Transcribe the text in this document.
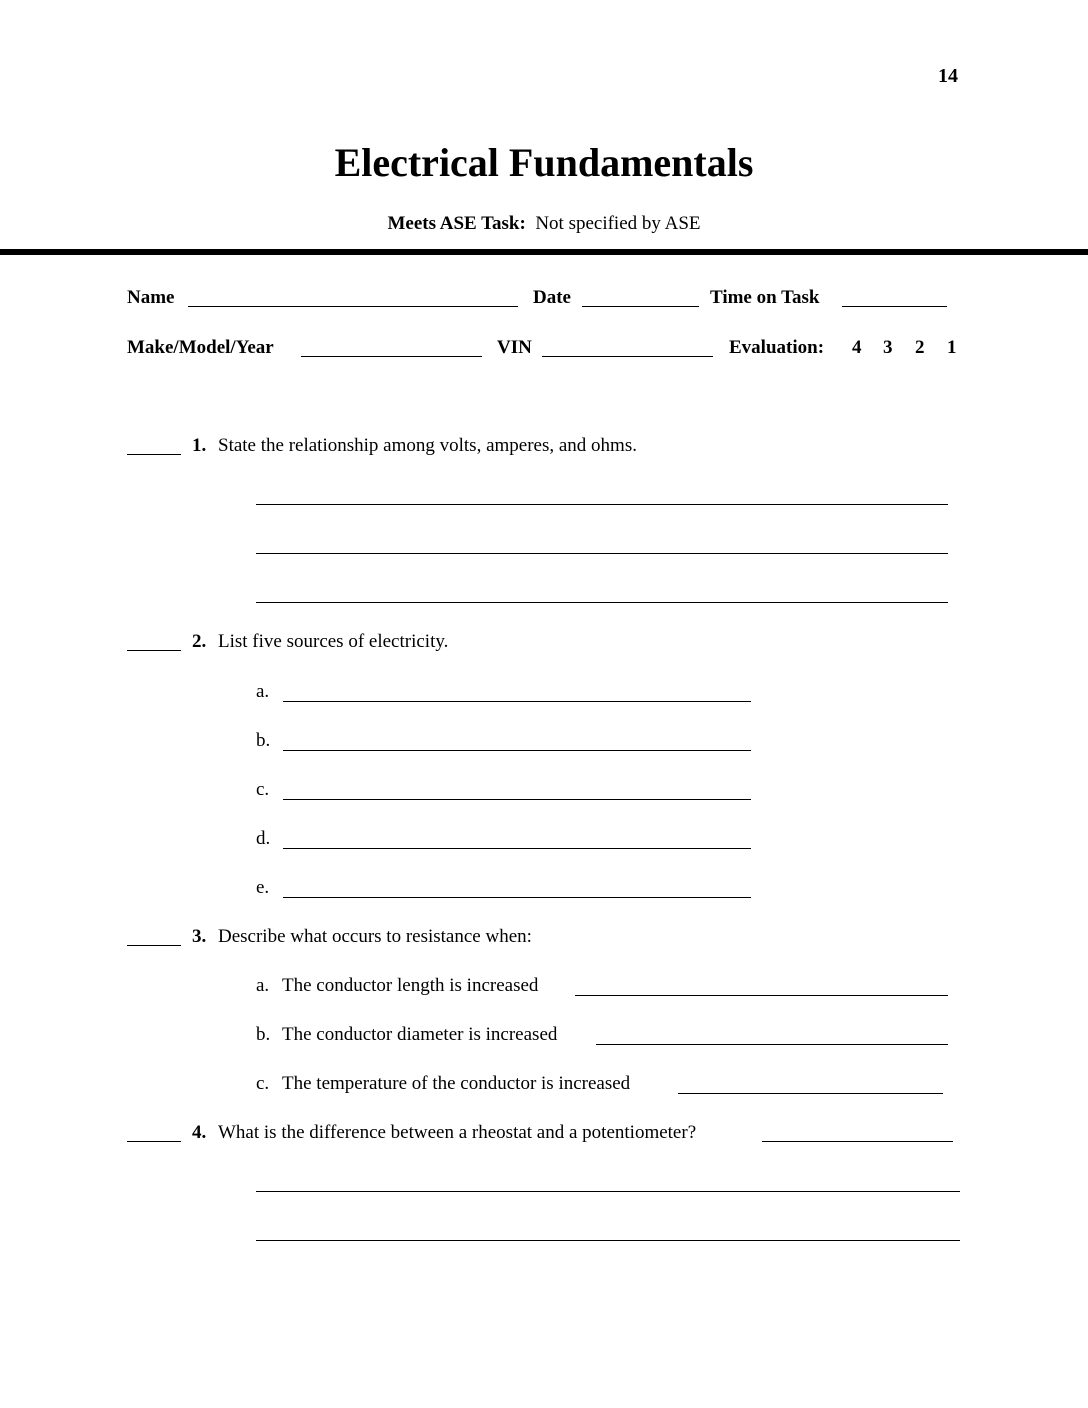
14
Electrical Fundamentals
Meets ASE Task: Not specified by ASE
Name	Date	Time on Task
Make/Model/Year	VIN	Evaluation: 4 3 2 1
1. State the relationship among volts, amperes, and ohms.
2. List five sources of electricity.
a.
b.
c.
d.
e.
3. Describe what occurs to resistance when:
a. The conductor length is increased
b. The conductor diameter is increased
c. The temperature of the conductor is increased
4. What is the difference between a rheostat and a potentiometer?
